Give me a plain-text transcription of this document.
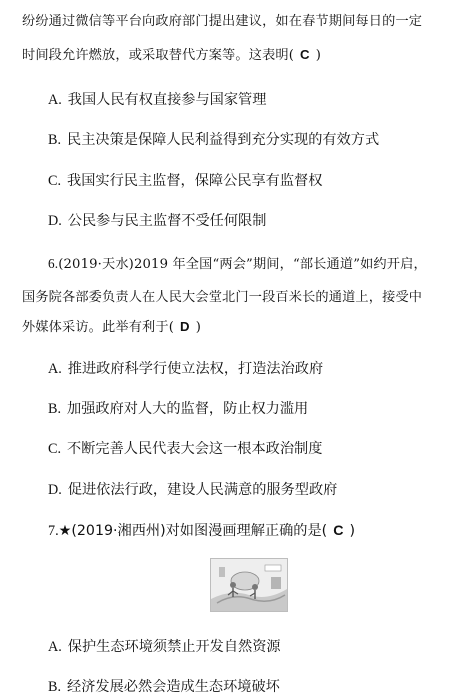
纷纷通过微信等平台向政府部门提出建议，如在春节期间每日的一定
时间段允许燃放，或采取替代方案等。这表明( C )
A. 我国人民有权直接参与国家管理
B. 民主决策是保障人民利益得到充分实现的有效方式
C. 我国实行民主监督，保障公民享有监督权
D. 公民参与民主监督不受任何限制
6.(2019·天水)2019 年全国“两会”期间，“部长通道”如约开启，
国务院各部委负责人在人民大会堂北门一段百米长的通道上，接受中
外媒体采访。此举有利于( D )
A. 推进政府科学行使立法权，打造法治政府
B. 加强政府对人大的监督，防止权力滥用
C. 不断完善人民代表大会这一根本政治制度
D. 促进依法行政，建设人民满意的服务型政府
7.★(2019·湘西州)对如图漫画理解正确的是( C )
A. 保护生态环境须禁止开发自然资源
B. 经济发展必然会造成生态环境破坏
